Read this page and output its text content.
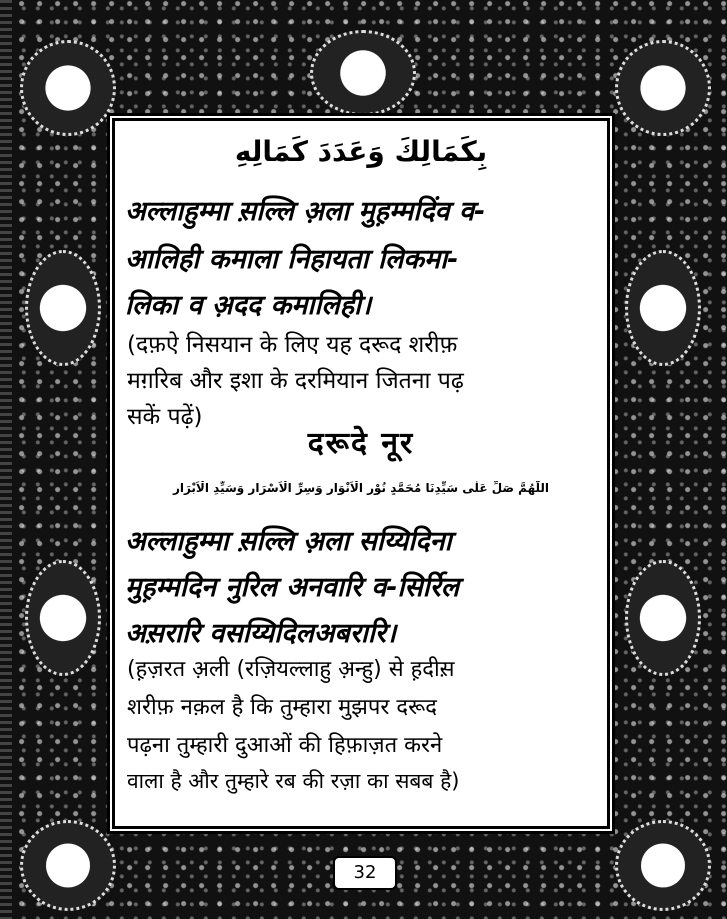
بِكَمَالِكَ وَعَدَدَ كَمَالِهِ
अल्लाहुम्मा स़ल्लि अ़ला मुह़म्मदिंव व-
आलिही कमाला निहायता लिकमा-
लिका व अ़दद कमालिही।
(दफ़ऐ निसयान के लिए यह दरूद शरीफ़
मग़रिब और इशा के दरमियान जितना पढ़
सकें पढ़ें)
दरूदे नूर
اللّٰهُمَّ صَلِّ عَلٰى سَيِّدِنَا مُحَمَّدٍ نُوْرِ الْاَنْوَارِ وَسِرِّ الْاَسْرَارِ وَسَيِّدِ الْاَبْرَارِ
अल्लाहुम्मा स़ल्लि अ़ला सय्यिदिना
मुह़म्मदिन नुरिल अनवारि व-सिर्रिल
अस़रारि वसय्यिदिलअबरारि।
(ह़ज़रत अ़ली (रज़ियल्लाहु अ़न्हु) से ह़दीस़
शरीफ़ नक़ल है कि तुम्हारा मुझपर दरूद
पढ़ना तुम्हारी दुआओं की हिफ़ाज़त करने
वाला है और तुम्हारे रब की रज़ा का सबब है)
32
